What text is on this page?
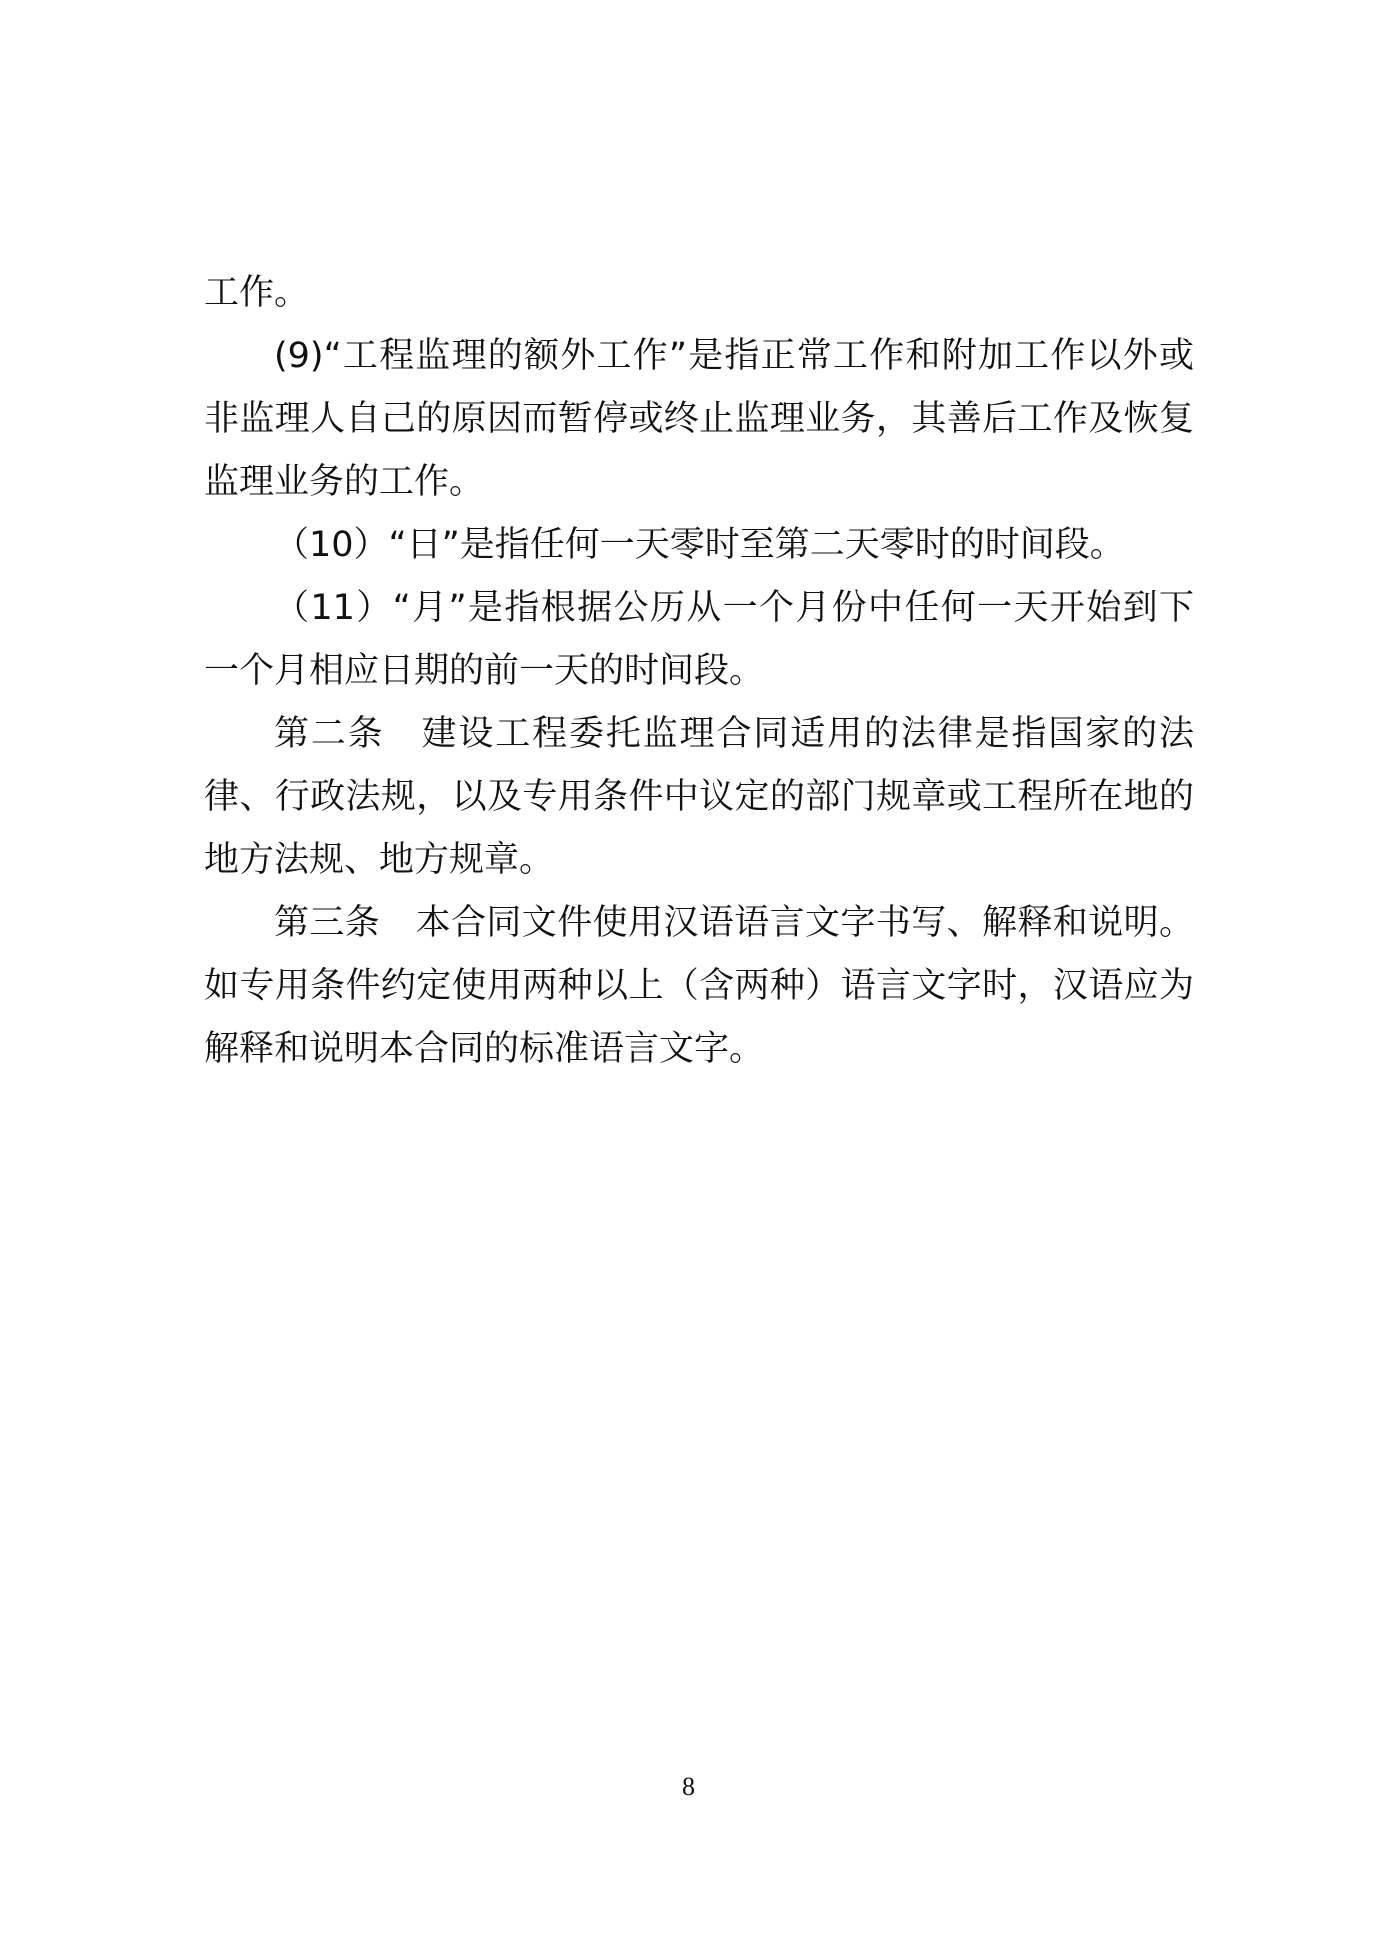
工作。

(9)“工程监理的额外工作”是指正常工作和附加工作以外或非监理人自己的原因而暂停或终止监理业务，其善后工作及恢复监理业务的工作。

（10）“日”是指任何一天零时至第二天零时的时间段。

（11）“月”是指根据公历从一个月份中任何一天开始到下一个月相应日期的前一天的时间段。

第二条　建设工程委托监理合同适用的法律是指国家的法律、行政法规，以及专用条件中议定的部门规章或工程所在地的地方法规、地方规章。

第三条　本合同文件使用汉语语言文字书写、解释和说明。如专用条件约定使用两种以上（含两种）语言文字时，汉语应为解释和说明本合同的标准语言文字。

8
